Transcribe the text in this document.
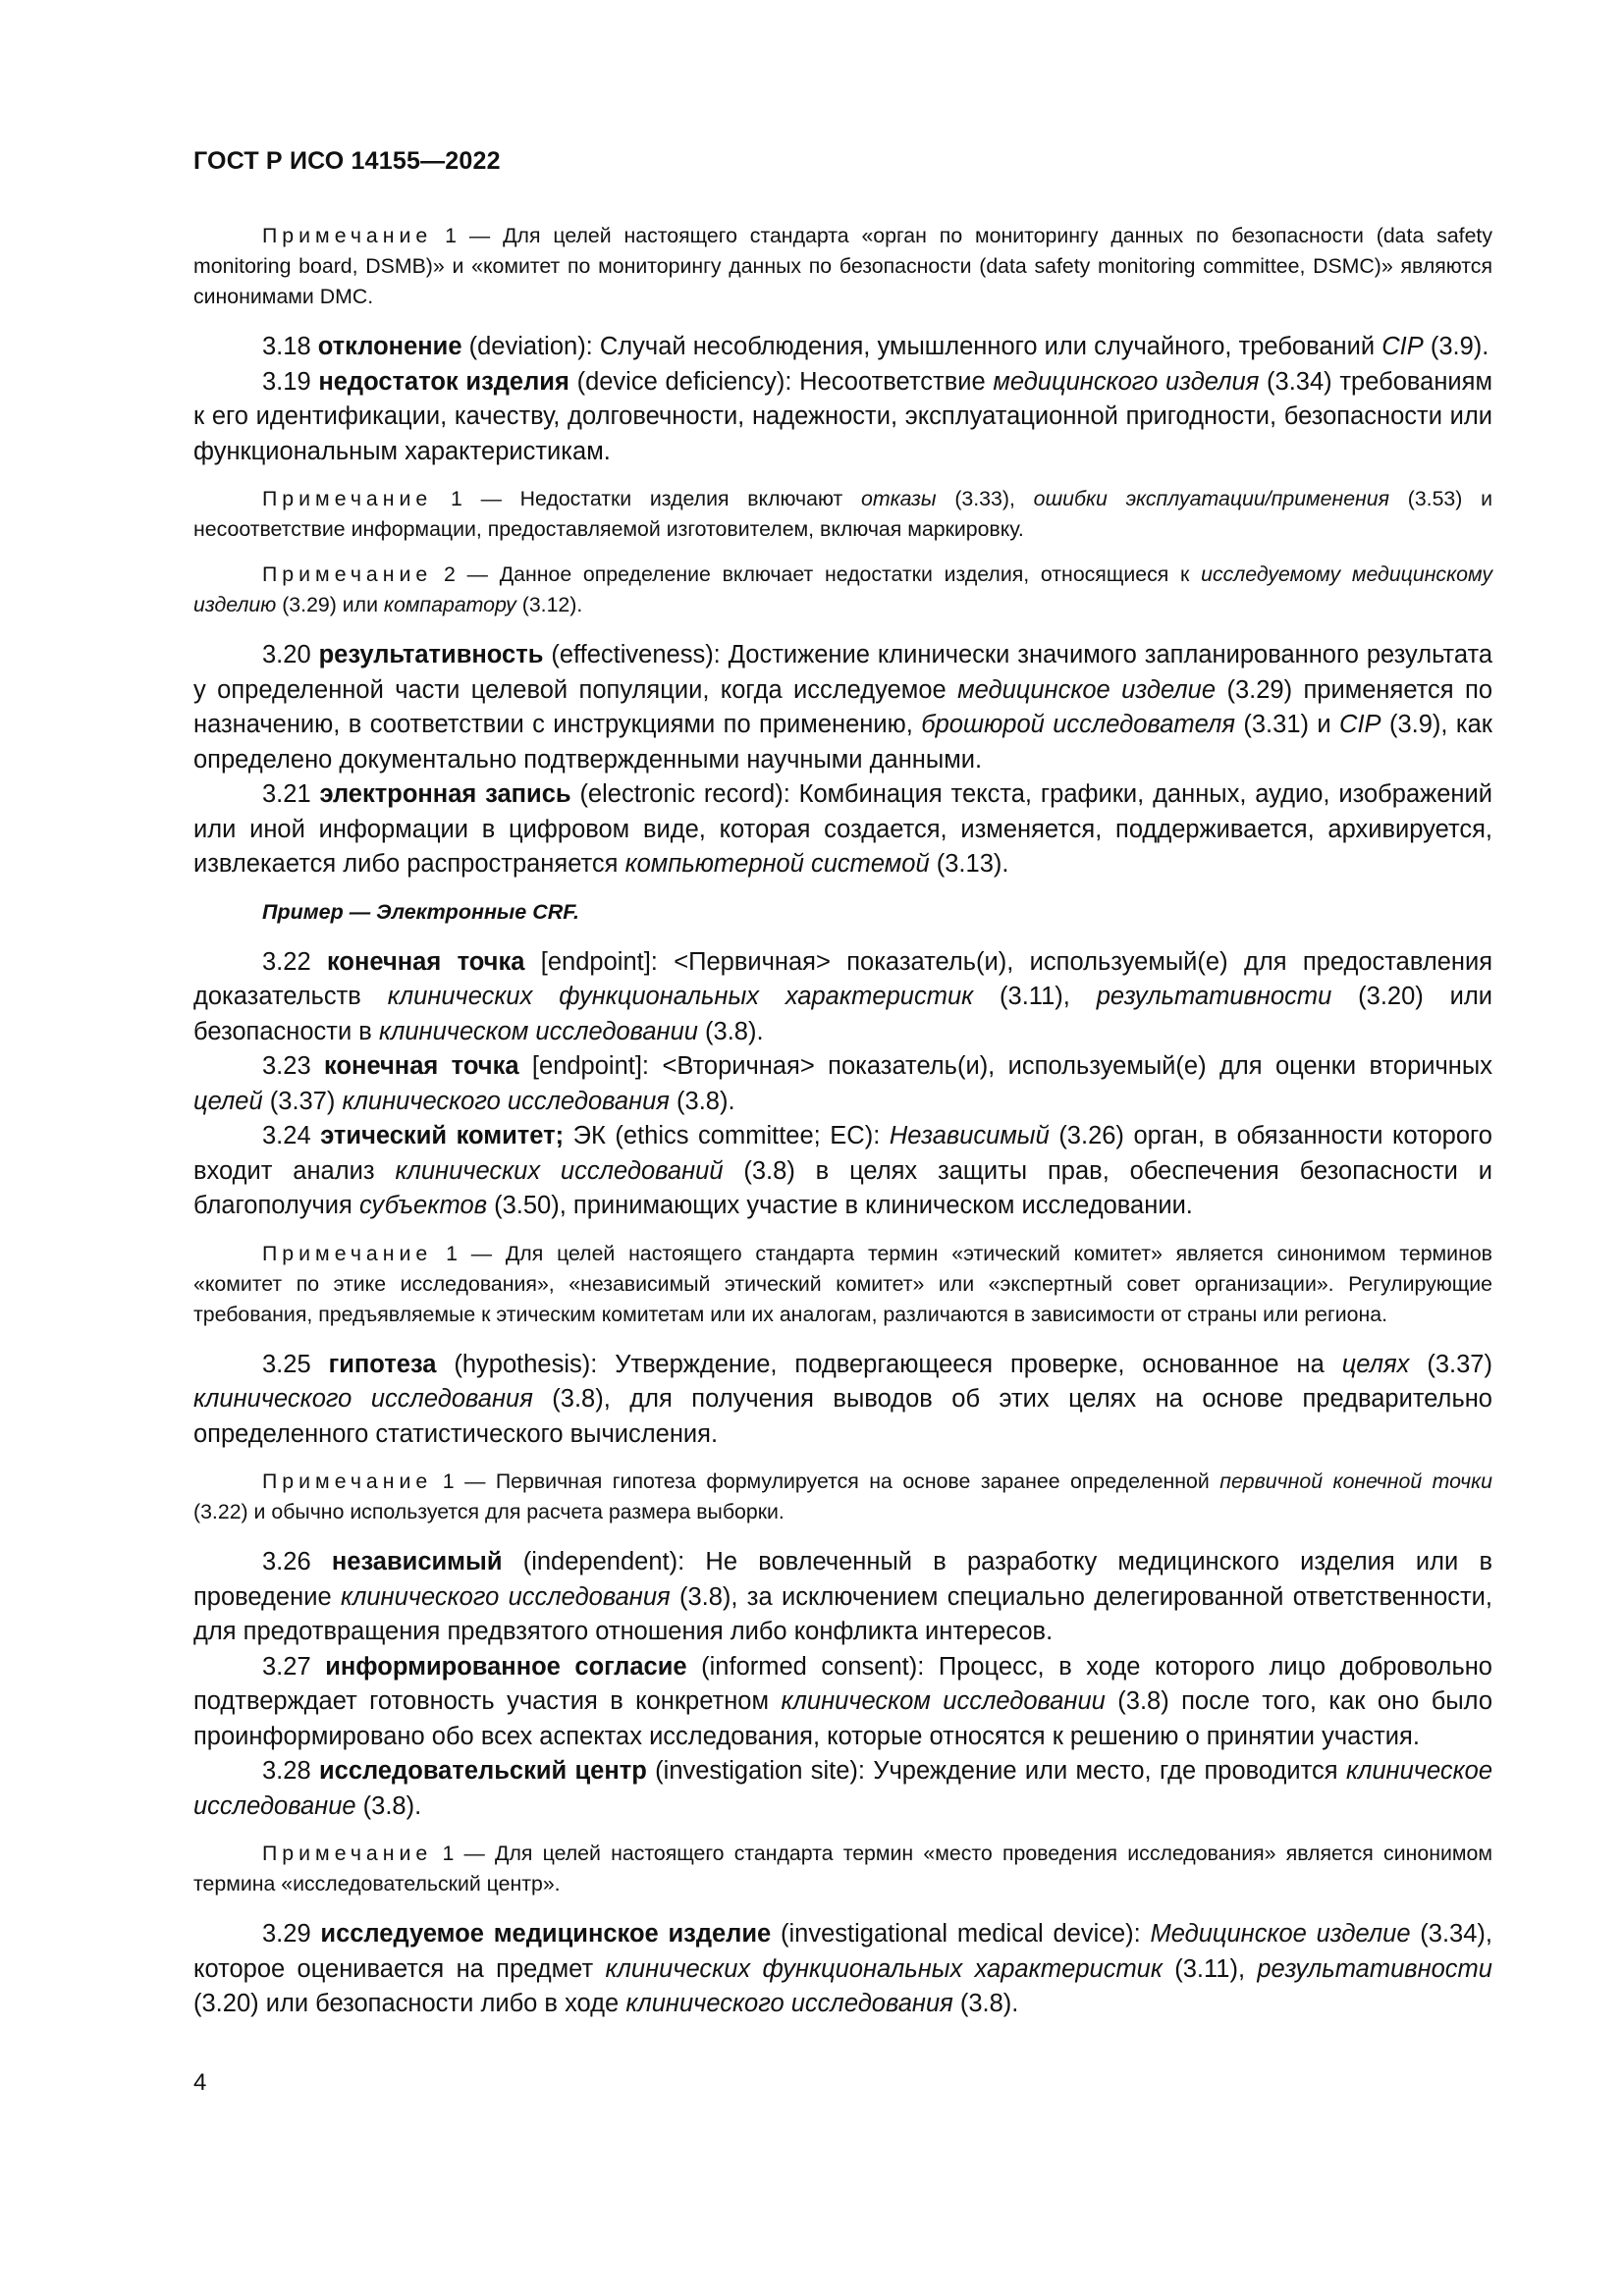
ГОСТ Р ИСО 14155—2022

Примечание 1 — Для целей настоящего стандарта «орган по мониторингу данных по безопасности (data safety monitoring board, DSMB)» и «комитет по мониторингу данных по безопасности (data safety monitoring committee, DSMC)» являются синонимами DMC.

3.18 отклонение (deviation): Случай несоблюдения, умышленного или случайного, требований CIP (3.9).

3.19 недостаток изделия (device deficiency): Несоответствие медицинского изделия (3.34) требованиям к его идентификации, качеству, долговечности, надежности, эксплуатационной пригодности, безопасности или функциональным характеристикам.

Примечание 1 — Недостатки изделия включают отказы (3.33), ошибки эксплуатации/применения (3.53) и несоответствие информации, предоставляемой изготовителем, включая маркировку.

Примечание 2 — Данное определение включает недостатки изделия, относящиеся к исследуемому медицинскому изделию (3.29) или компаратору (3.12).

3.20 результативность (effectiveness): Достижение клинически значимого запланированного результата у определенной части целевой популяции, когда исследуемое медицинское изделие (3.29) применяется по назначению, в соответствии с инструкциями по применению, брошюрой исследователя (3.31) и CIP (3.9), как определено документально подтвержденными научными данными.

3.21 электронная запись (electronic record): Комбинация текста, графики, данных, аудио, изображений или иной информации в цифровом виде, которая создается, изменяется, поддерживается, архивируется, извлекается либо распространяется компьютерной системой (3.13).

Пример — Электронные CRF.

3.22 конечная точка [endpoint]: <Первичная> показатель(и), используемый(е) для предоставления доказательств клинических функциональных характеристик (3.11), результативности (3.20) или безопасности в клиническом исследовании (3.8).

3.23 конечная точка [endpoint]: <Вторичная> показатель(и), используемый(е) для оценки вторичных целей (3.37) клинического исследования (3.8).

3.24 этический комитет; ЭК (ethics committee; EC): Независимый (3.26) орган, в обязанности которого входит анализ клинических исследований (3.8) в целях защиты прав, обеспечения безопасности и благополучия субъектов (3.50), принимающих участие в клиническом исследовании.

Примечание 1 — Для целей настоящего стандарта термин «этический комитет» является синонимом терминов «комитет по этике исследования», «независимый этический комитет» или «экспертный совет организации». Регулирующие требования, предъявляемые к этическим комитетам или их аналогам, различаются в зависимости от страны или региона.

3.25 гипотеза (hypothesis): Утверждение, подвергающееся проверке, основанное на целях (3.37) клинического исследования (3.8), для получения выводов об этих целях на основе предварительно определенного статистического вычисления.

Примечание 1 — Первичная гипотеза формулируется на основе заранее определенной первичной конечной точки (3.22) и обычно используется для расчета размера выборки.

3.26 независимый (independent): Не вовлеченный в разработку медицинского изделия или в проведение клинического исследования (3.8), за исключением специально делегированной ответственности, для предотвращения предвзятого отношения либо конфликта интересов.

3.27 информированное согласие (informed consent): Процесс, в ходе которого лицо добровольно подтверждает готовность участия в конкретном клиническом исследовании (3.8) после того, как оно было проинформировано обо всех аспектах исследования, которые относятся к решению о принятии участия.

3.28 исследовательский центр (investigation site): Учреждение или место, где проводится клиническое исследование (3.8).

Примечание 1 — Для целей настоящего стандарта термин «место проведения исследования» является синонимом термина «исследовательский центр».

3.29 исследуемое медицинское изделие (investigational medical device): Медицинское изделие (3.34), которое оценивается на предмет клинических функциональных характеристик (3.11), результативности (3.20) или безопасности либо в ходе клинического исследования (3.8).

4
